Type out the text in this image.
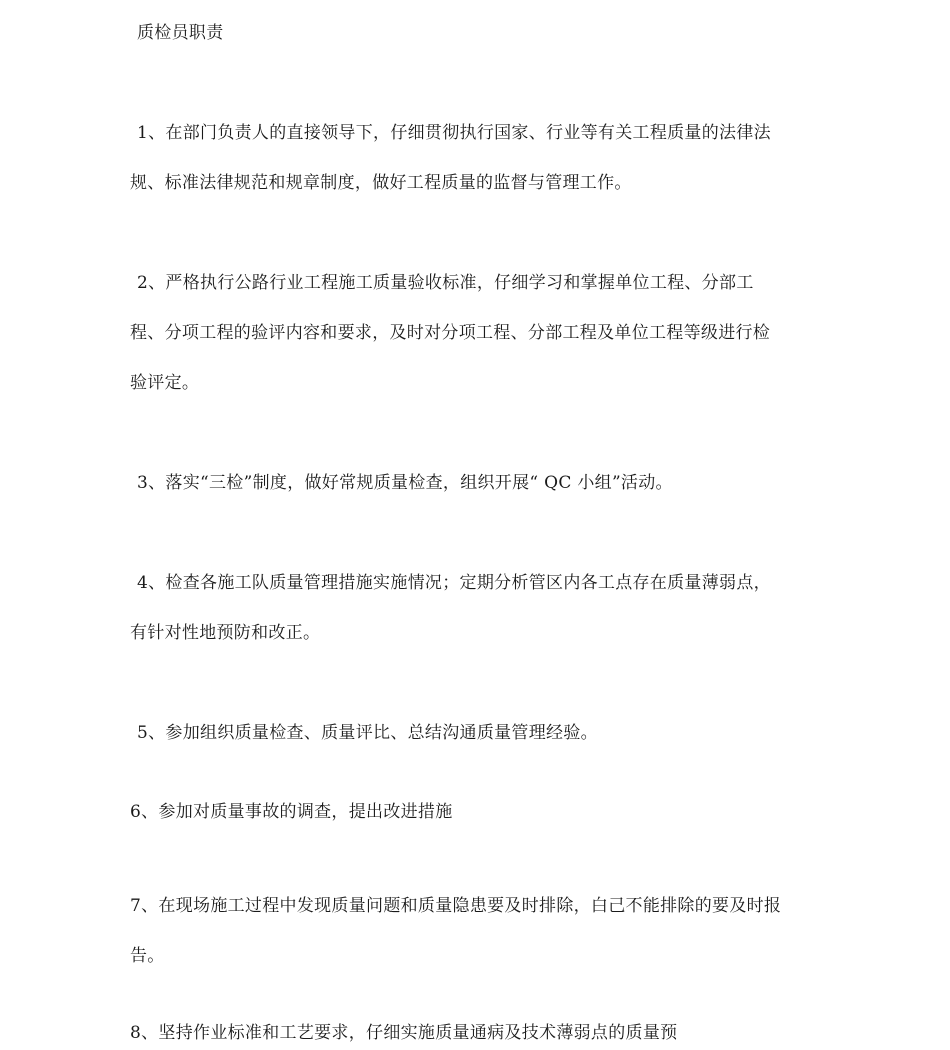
质检员职责
1、在部门负责人的直接领导下，仔细贯彻执行国家、行业等有关工程质量的法律法
规、标准法律规范和规章制度，做好工程质量的监督与管理工作。
2、严格执行公路行业工程施工质量验收标准，仔细学习和掌握单位工程、分部工
程、分项工程的验评内容和要求，及时对分项工程、分部工程及单位工程等级进行检
验评定。
3、落实“三检”制度，做好常规质量检查，组织开展“ QC 小组”活动。
4、检查各施工队质量管理措施实施情况；定期分析管区内各工点存在质量薄弱点，
有针对性地预防和改正。
5、参加组织质量检查、质量评比、总结沟通质量管理经验。
6、参加对质量事故的调查，提出改进措施
7、在现场施工过程中发现质量问题和质量隐患要及时排除，白己不能排除的要及时报
告。
8、坚持作业标准和工艺要求，仔细实施质量通病及技术薄弱点的质量预
